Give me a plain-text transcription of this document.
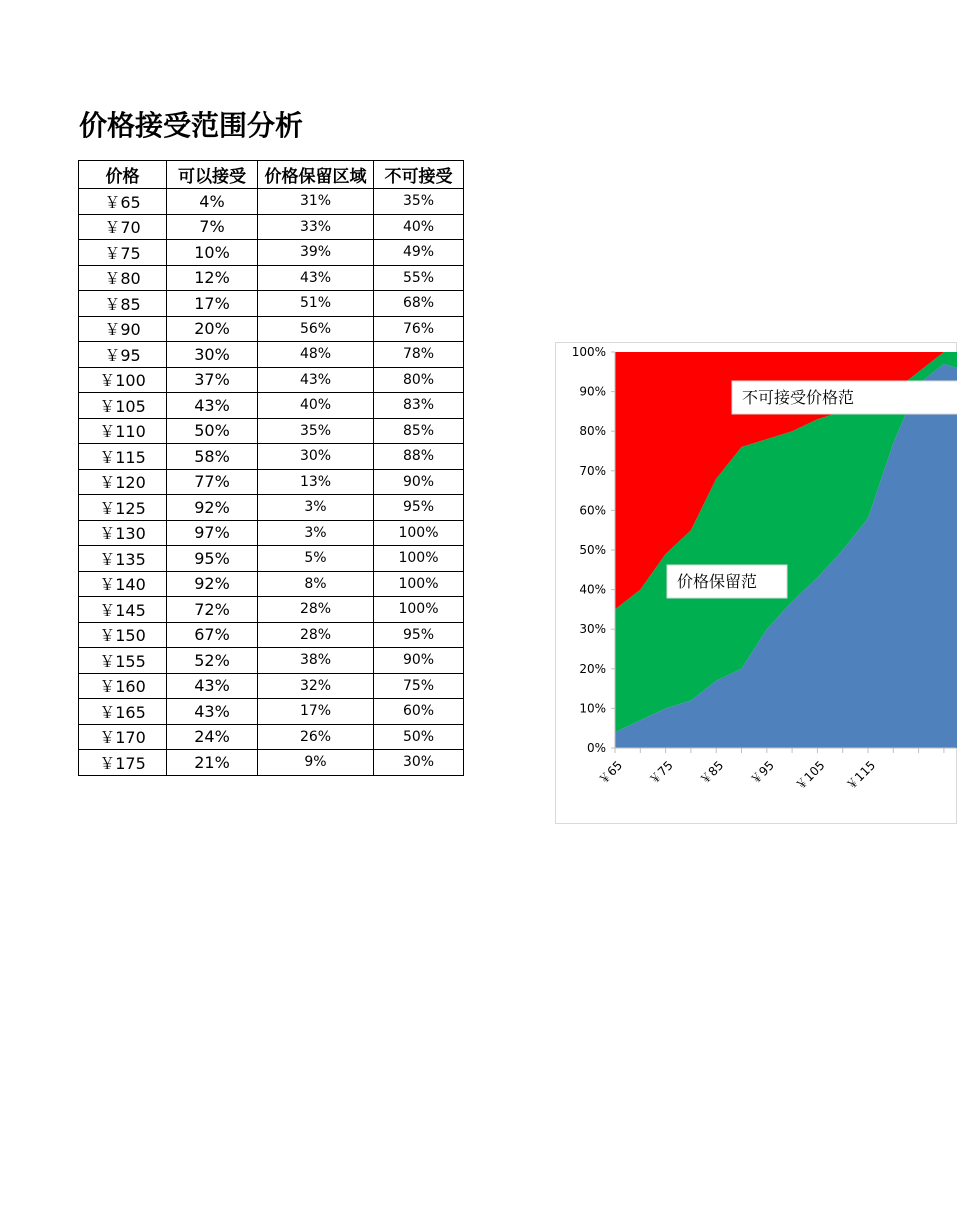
价格接受范围分析
价格	可以接受	价格保留区域	不可接受
￥65	4%	31%	35%
￥70	7%	33%	40%
￥75	10%	39%	49%
￥80	12%	43%	55%
￥85	17%	51%	68%
￥90	20%	56%	76%
￥95	30%	48%	78%
￥100	37%	43%	80%
￥105	43%	40%	83%
￥110	50%	35%	85%
￥115	58%	30%	88%
￥120	77%	13%	90%
￥125	92%	3%	95%
￥130	97%	3%	100%
￥135	95%	5%	100%
￥140	92%	8%	100%
￥145	72%	28%	100%
￥150	67%	28%	95%
￥155	52%	38%	90%
￥160	43%	32%	75%
￥165	43%	17%	60%
￥170	24%	26%	50%
￥175	21%	9%	30%
0%
10%
20%
30%
40%
50%
60%
70%
80%
90%
100%
￥65 ￥75 ￥85 ￥95 ￥105 ￥115
价格保留范
不可接受价格范
